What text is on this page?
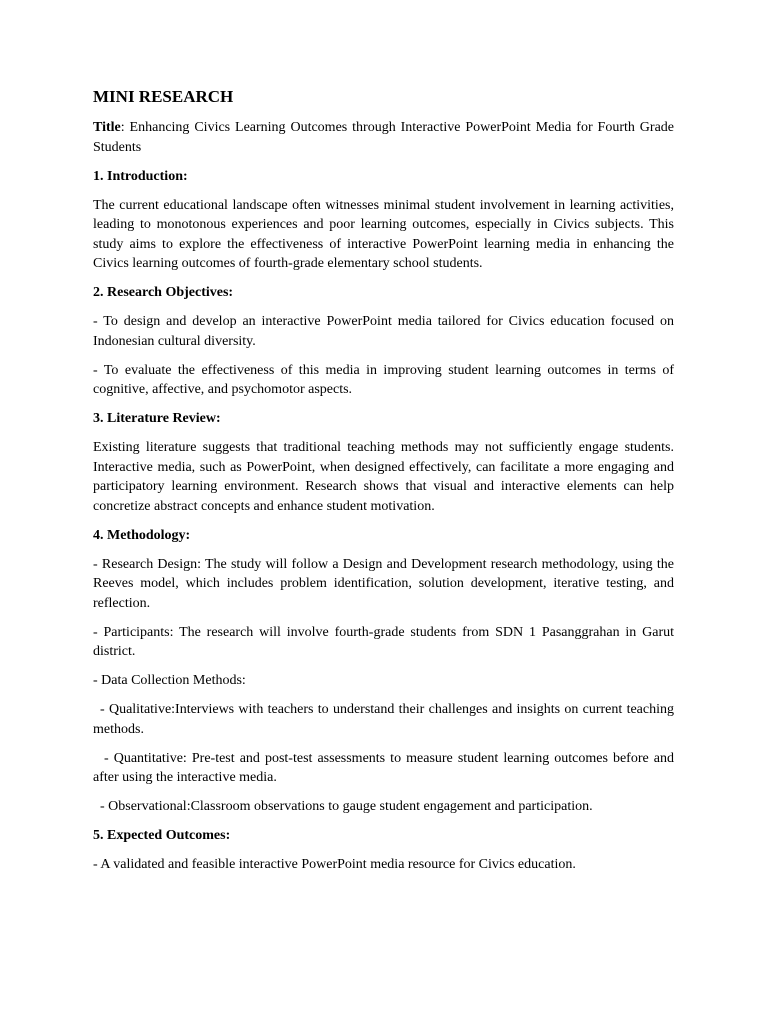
MINI RESEARCH

Title: Enhancing Civics Learning Outcomes through Interactive PowerPoint Media for Fourth Grade Students

1. Introduction:

The current educational landscape often witnesses minimal student involvement in learning activities, leading to monotonous experiences and poor learning outcomes, especially in Civics subjects. This study aims to explore the effectiveness of interactive PowerPoint learning media in enhancing the Civics learning outcomes of fourth-grade elementary school students.

2. Research Objectives:

- To design and develop an interactive PowerPoint media tailored for Civics education focused on Indonesian cultural diversity.

- To evaluate the effectiveness of this media in improving student learning outcomes in terms of cognitive, affective, and psychomotor aspects.

3. Literature Review:

Existing literature suggests that traditional teaching methods may not sufficiently engage students. Interactive media, such as PowerPoint, when designed effectively, can facilitate a more engaging and participatory learning environment. Research shows that visual and interactive elements can help concretize abstract concepts and enhance student motivation.

4. Methodology:

- Research Design: The study will follow a Design and Development research methodology, using the Reeves model, which includes problem identification, solution development, iterative testing, and reflection.

- Participants: The research will involve fourth-grade students from SDN 1 Pasanggrahan in Garut district.

- Data Collection Methods:

- Qualitative:Interviews with teachers to understand their challenges and insights on current teaching methods.

- Quantitative: Pre-test and post-test assessments to measure student learning outcomes before and after using the interactive media.

- Observational:Classroom observations to gauge student engagement and participation.

5. Expected Outcomes:

- A validated and feasible interactive PowerPoint media resource for Civics education.
